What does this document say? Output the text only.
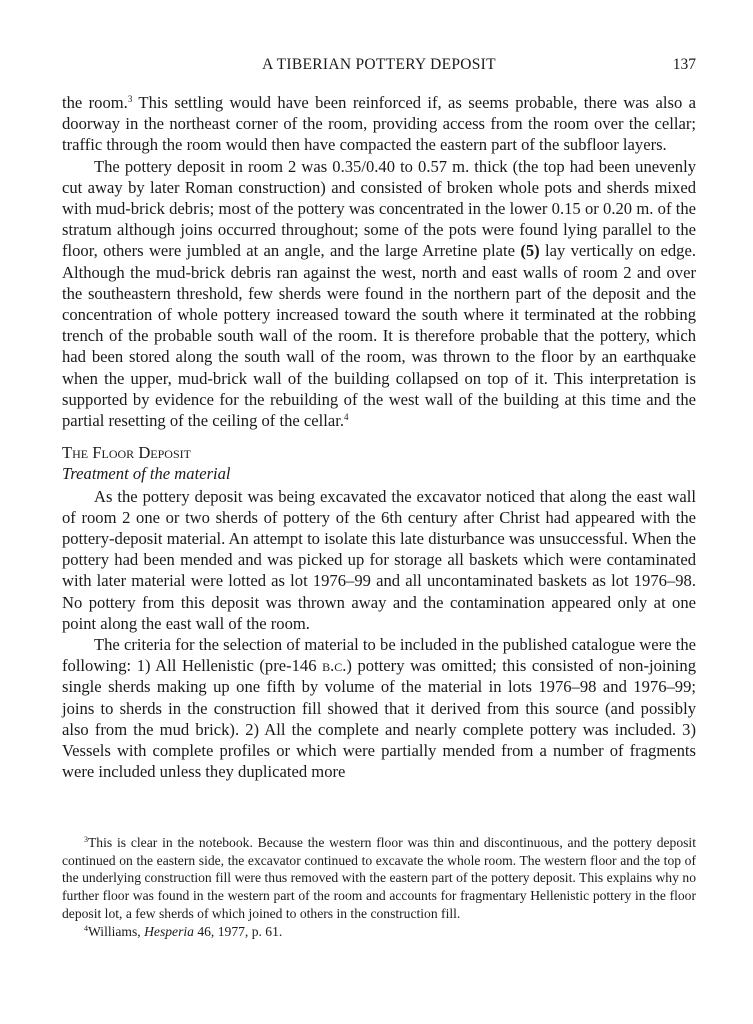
A TIBERIAN POTTERY DEPOSIT	137

the room.$^3$ This settling would have been reinforced if, as seems probable, there was also a doorway in the northeast corner of the room, providing access from the room over the cellar; traffic through the room would then have compacted the eastern part of the subfloor layers.

The pottery deposit in room 2 was 0.35/0.40 to 0.57 m. thick (the top had been unevenly cut away by later Roman construction) and consisted of broken whole pots and sherds mixed with mud-brick debris; most of the pottery was concentrated in the lower 0.15 or 0.20 m. of the stratum although joins occurred throughout; some of the pots were found lying parallel to the floor, others were jumbled at an angle, and the large Arretine plate (5) lay vertically on edge. Although the mud-brick debris ran against the west, north and east walls of room 2 and over the southeastern threshold, few sherds were found in the northern part of the deposit and the concentration of whole pottery increased toward the south where it terminated at the robbing trench of the probable south wall of the room. It is therefore probable that the pottery, which had been stored along the south wall of the room, was thrown to the floor by an earthquake when the upper, mud-brick wall of the building collapsed on top of it. This interpretation is supported by evidence for the rebuilding of the west wall of the building at this time and the partial resetting of the ceiling of the cellar.$^4$

The Floor Deposit
Treatment of the material

As the pottery deposit was being excavated the excavator noticed that along the east wall of room 2 one or two sherds of pottery of the 6th century after Christ had appeared with the pottery-deposit material. An attempt to isolate this late disturbance was unsuccessful. When the pottery had been mended and was picked up for storage all baskets which were contaminated with later material were lotted as lot 1976–99 and all uncontaminated baskets as lot 1976–98. No pottery from this deposit was thrown away and the contamination appeared only at one point along the east wall of the room.

The criteria for the selection of material to be included in the published catalogue were the following: 1) All Hellenistic (pre-146 b.c.) pottery was omitted; this consisted of non-joining single sherds making up one fifth by volume of the material in lots 1976–98 and 1976–99; joins to sherds in the construction fill showed that it derived from this source (and possibly also from the mud brick). 2) All the complete and nearly complete pottery was included. 3) Vessels with complete profiles or which were partially mended from a number of fragments were included unless they duplicated more

$^3$This is clear in the notebook. Because the western floor was thin and discontinuous, and the pottery deposit continued on the eastern side, the excavator continued to excavate the whole room. The western floor and the top of the underlying construction fill were thus removed with the eastern part of the pottery deposit. This explains why no further floor was found in the western part of the room and accounts for fragmentary Hellenistic pottery in the floor deposit lot, a few sherds of which joined to others in the construction fill.

$^4$Williams, Hesperia 46, 1977, p. 61.
